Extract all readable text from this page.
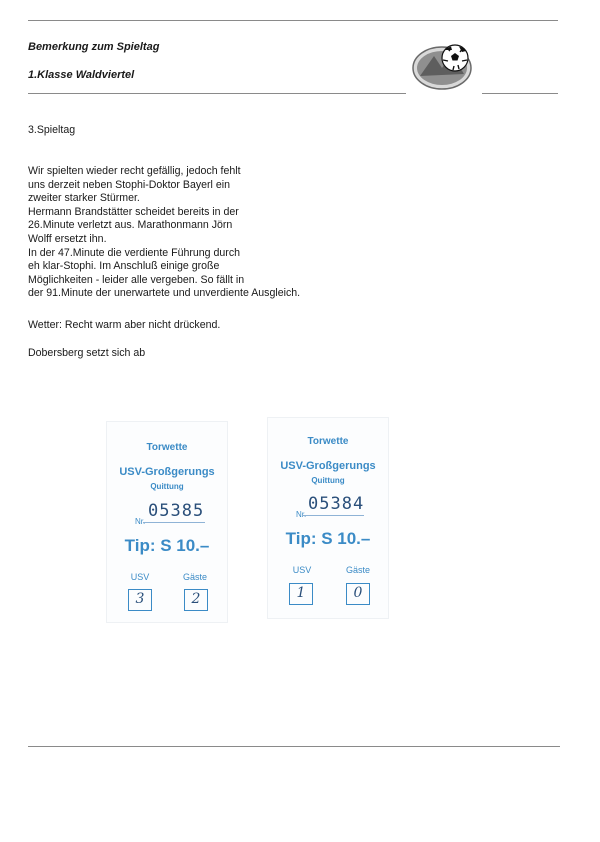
Bemerkung zum Spieltag
1.Klasse Waldviertel
3.Spieltag
Wir spielten wieder recht gefällig, jedoch fehlt
uns derzeit neben Stophi-Doktor Bayerl ein
zweiter starker Stürmer.
Hermann Brandstätter scheidet bereits in der
26.Minute verletzt aus. Marathonmann Jörn
Wolff ersetzt ihn.
In der 47.Minute die verdiente Führung durch
eh klar-Stophi. Im Anschluß einige große
Möglichkeiten - leider alle vergeben. So fällt in
der 91.Minute der unerwartete und unverdiente Ausgleich.
Wetter: Recht warm aber nicht drückend.
Dobersberg setzt sich ab
Torwette
USV-Großgerungs
Quittung
Nr.
05385
Tip: S 10.–
USV	Gäste
3	2
Torwette
USV-Großgerungs
Quittung
Nr.
05384
Tip: S 10.–
USV	Gäste
1	0
